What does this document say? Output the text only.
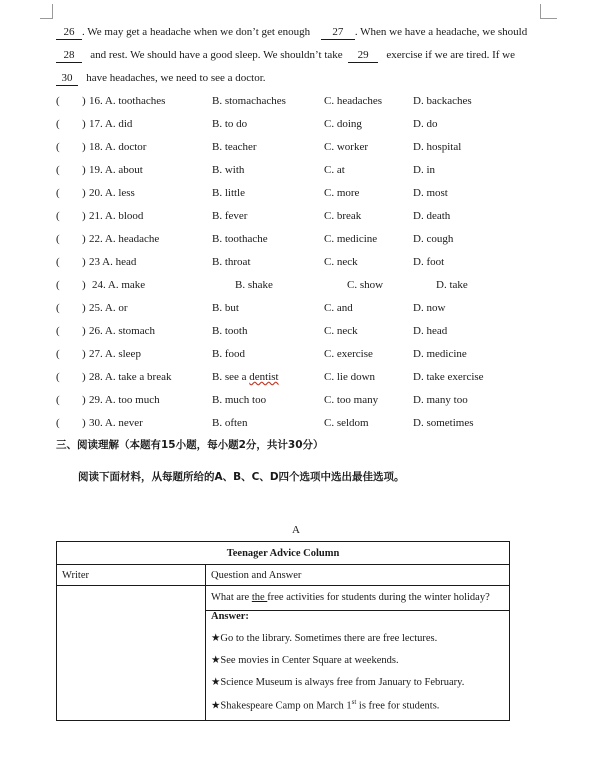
26 . We may get a headache when we don’t get enough 27 . When we have a headache, we should
28 and rest. We should have a good sleep. We shouldn’t take 29 exercise if we are tired. If we
30 have headaches, we need to see a doctor.
( ) 16. A. toothaches	B. stomachaches	C. headaches	D. backaches
( ) 17. A. did	B. to do	C. doing	D. do
( ) 18. A. doctor	B. teacher	C. worker	D. hospital
( ) 19. A. about	B. with	C. at	D. in
( ) 20. A. less	B. little	C. more	D. most
( ) 21. A. blood	B. fever	C. break	D. death
( ) 22. A. headache	B. toothache	C. medicine	D. cough
( ) 23 A. head	B. throat	C. neck	D. foot
( ) 24. A. make	B. shake	C. show	D. take
( ) 25. A. or	B. but	C. and	D. now
( ) 26. A. stomach	B. tooth	C. neck	D. head
( ) 27. A. sleep	B. food	C. exercise	D. medicine
( ) 28. A. take a break	B. see a dentist	C. lie down	D. take exercise
( ) 29. A. too much	B. much too	C. too many	D. many too
( ) 30. A. never	B. often	C. seldom	D. sometimes
三、阅读理解（本题有15小题，每小题2分，共计30分）
阅读下面材料，从每题所给的A、B、C、D四个选项中选出最佳选项。
A
Teenager Advice Column	
Writer	Question and Answer
	What are the free activities for students during the winter holiday?

	Answer:
★Go to the library. Sometimes there are free lectures.
★See movies in Center Square at weekends.
★Science Museum is always free from January to February.
★Shakespeare Camp on March 1st is free for students.
